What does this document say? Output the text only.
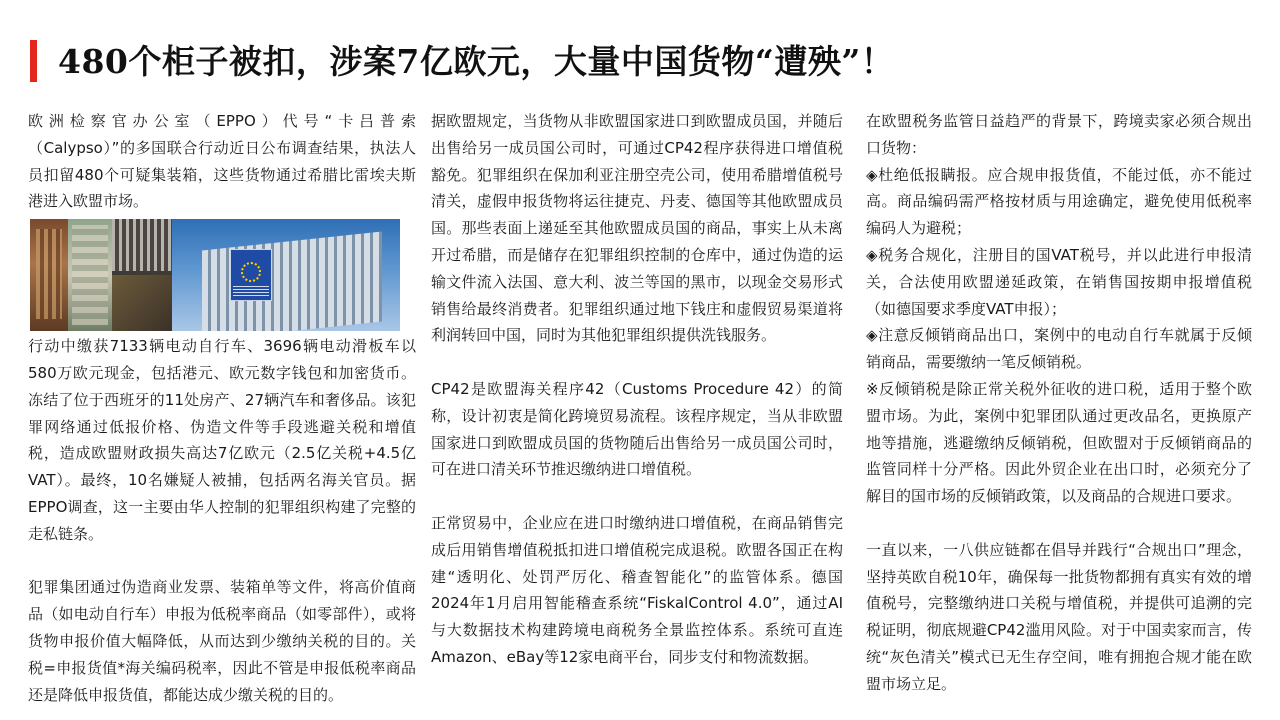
480个柜子被扣，涉案7亿欧元，大量中国货物“遭殃”！

欧洲检察官办公室（EPPO）代号“卡吕普索（Calypso）”的多国联合行动近日公布调查结果，执法人员扣留480个可疑集装箱，这些货物通过希腊比雷埃夫斯港进入欧盟市场。

行动中缴获7133辆电动自行车、3696辆电动滑板车以580万欧元现金，包括港元、欧元数字钱包和加密货币。冻结了位于西班牙的11处房产、27辆汽车和奢侈品。该犯罪网络通过低报价格、伪造文件等手段逃避关税和增值税，造成欧盟财政损失高达7亿欧元（2.5亿关税+4.5亿VAT）。最终，10名嫌疑人被捕，包括两名海关官员。据EPPO调查，这一主要由华人控制的犯罪组织构建了完整的走私链条。

犯罪集团通过伪造商业发票、装箱单等文件，将高价值商品（如电动自行车）申报为低税率商品（如零部件），或将货物申报价值大幅降低，从而达到少缴纳关税的目的。关税=申报货值*海关编码税率，因此不管是申报低税率商品还是降低申报货值，都能达成少缴关税的目的。

据欧盟规定，当货物从非欧盟国家进口到欧盟成员国，并随后出售给另一成员国公司时，可通过CP42程序获得进口增值税豁免。犯罪组织在保加利亚注册空壳公司，使用希腊增值税号清关，虚假申报货物将运往捷克、丹麦、德国等其他欧盟成员国。那些表面上递延至其他欧盟成员国的商品，事实上从未离开过希腊，而是储存在犯罪组织控制的仓库中，通过伪造的运输文件流入法国、意大利、波兰等国的黑市，以现金交易形式销售给最终消费者。犯罪组织通过地下钱庄和虚假贸易渠道将利润转回中国，同时为其他犯罪组织提供洗钱服务。

CP42是欧盟海关程序42（Customs Procedure 42）的简称，设计初衷是简化跨境贸易流程。该程序规定，当从非欧盟国家进口到欧盟成员国的货物随后出售给另一成员国公司时，可在进口清关环节推迟缴纳进口增值税。

正常贸易中，企业应在进口时缴纳进口增值税，在商品销售完成后用销售增值税抵扣进口增值税完成退税。欧盟各国正在构建“透明化、处罚严厉化、稽查智能化”的监管体系。德国2024年1月启用智能稽查系统“FiskalControl 4.0”，通过AI与大数据技术构建跨境电商税务全景监控体系。系统可直连Amazon、eBay等12家电商平台，同步支付和物流数据。

在欧盟税务监管日益趋严的背景下，跨境卖家必须合规出口货物：

◈杜绝低报瞒报。应合规申报货值，不能过低，亦不能过高。商品编码需严格按材质与用途确定，避免使用低税率编码人为避税；

◈税务合规化，注册目的国VAT税号，并以此进行申报清关，合法使用欧盟递延政策，在销售国按期申报增值税（如德国要求季度VAT申报）；

◈注意反倾销商品出口，案例中的电动自行车就属于反倾销商品，需要缴纳一笔反倾销税。

※反倾销税是除正常关税外征收的进口税，适用于整个欧盟市场。为此，案例中犯罪团队通过更改品名，更换原产地等措施，逃避缴纳反倾销税，但欧盟对于反倾销商品的监管同样十分严格。因此外贸企业在出口时，必须充分了解目的国市场的反倾销政策，以及商品的合规进口要求。

一直以来，一八供应链都在倡导并践行“合规出口”理念，坚持英欧自税10年，确保每一批货物都拥有真实有效的增值税号，完整缴纳进口关税与增值税，并提供可追溯的完税证明，彻底规避CP42滥用风险。对于中国卖家而言，传统“灰色清关”模式已无生存空间，唯有拥抱合规才能在欧盟市场立足。
